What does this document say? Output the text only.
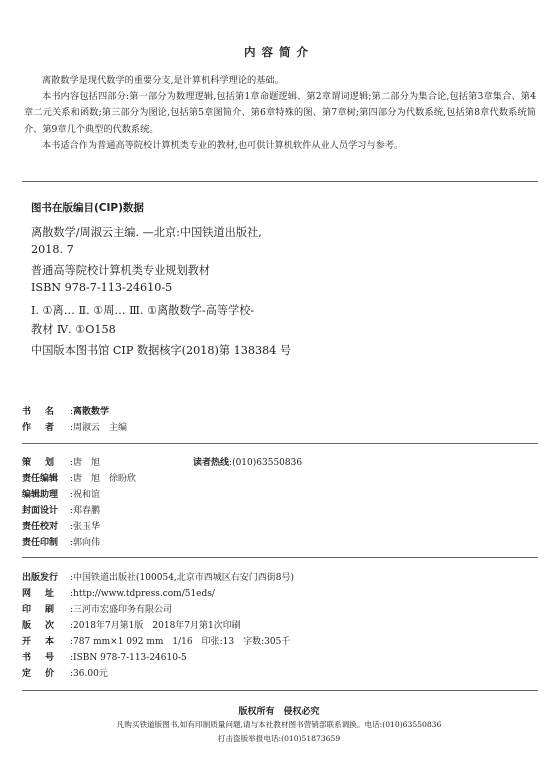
内容简介

离散数学是现代数学的重要分支,是计算机科学理论的基础。

本书内容包括四部分:第一部分为数理逻辑,包括第1章命题逻辑、第2章谓词逻辑;第二部分为集合论,包括第3章集合、第4章二元关系和函数;第三部分为图论,包括第5章图简介、第6章特殊的图、第7章树;第四部分为代数系统,包括第8章代数系统简介、第9章几个典型的代数系统。

本书适合作为普通高等院校计算机类专业的教材,也可供计算机软件从业人员学习与参考。

图书在版编目(CIP)数据
离散数学/周淑云主编. —北京:中国铁道出版社,
2018. 7
普通高等院校计算机类专业规划教材
ISBN 978-7-113-24610-5
Ⅰ. ①离… Ⅱ. ①周… Ⅲ. ①离散数学-高等学校-
教材 Ⅳ. ①O158
中国版本图书馆 CIP 数据核字(2018)第 138384 号
书名 :离散数学
作者 :周淑云　主编
策划 :唐　旭	读者热线:(010)63550836
责任编辑 :唐　旭　徐盼欣
编辑助理 :祝和谊
封面设计 :郑春鹏
责任校对 :张玉华
责任印制 :郭向伟
出版发行 :中国铁道出版社(100054,北京市西城区右安门西街8号)
网址 :http://www.tdpress.com/51eds/
印刷 :三河市宏盛印务有限公司
版次 :2018年7月第1版　2018年7月第1次印刷
开本 :787 mm×1 092 mm　1/16　印张:13　字数:305千
书号 :ISBN 978-7-113-24610-5
定价 :36.00元
版权所有　侵权必究
凡购买铁道版图书,如有印制质量问题,请与本社教材图书营销部联系调换。电话:(010)63550836
打击盗版举报电话:(010)51873659
